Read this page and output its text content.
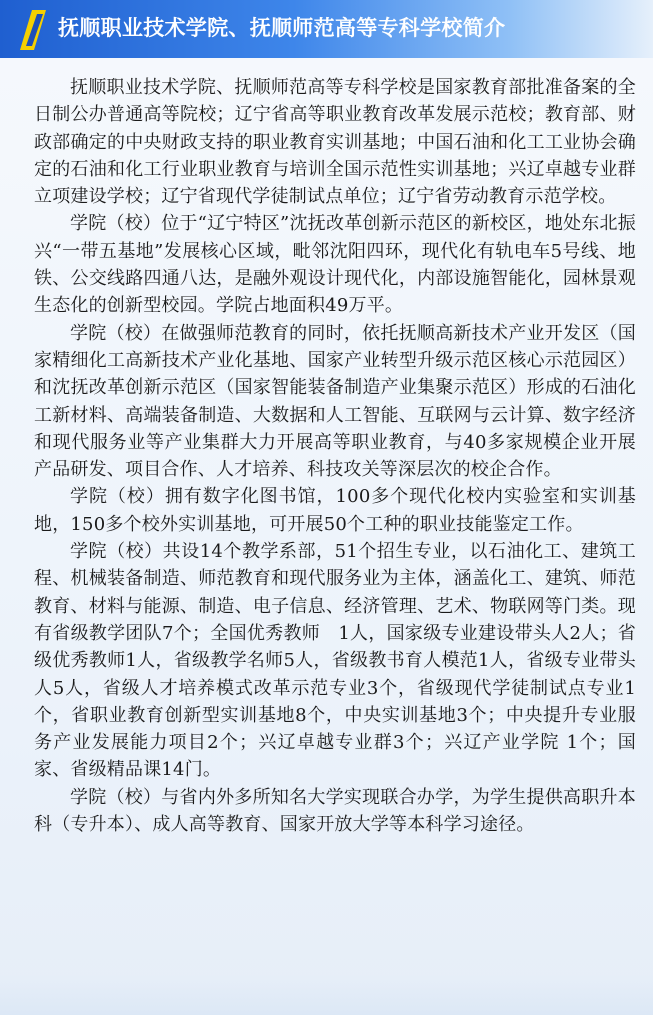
抚顺职业技术学院、抚顺师范高等专科学校简介

抚顺职业技术学院、抚顺师范高等专科学校是国家教育部批准备案的全日制公办普通高等院校；辽宁省高等职业教育改革发展示范校；教育部、财政部确定的中央财政支持的职业教育实训基地；中国石油和化工工业协会确定的石油和化工行业职业教育与培训全国示范性实训基地；兴辽卓越专业群立项建设学校；辽宁省现代学徒制试点单位；辽宁省劳动教育示范学校。

学院（校）位于“辽宁特区”沈抚改革创新示范区的新校区，地处东北振兴“一带五基地”发展核心区域，毗邻沈阳四环，现代化有轨电车5号线、地铁、公交线路四通八达，是融外观设计现代化，内部设施智能化，园林景观生态化的创新型校园。学院占地面积49万平。

学院（校）在做强师范教育的同时，依托抚顺高新技术产业开发区（国家精细化工高新技术产业化基地、国家产业转型升级示范区核心示范园区）和沈抚改革创新示范区（国家智能装备制造产业集聚示范区）形成的石油化工新材料、高端装备制造、大数据和人工智能、互联网与云计算、数字经济和现代服务业等产业集群大力开展高等职业教育，与40多家规模企业开展产品研发、项目合作、人才培养、科技攻关等深层次的校企合作。

学院（校）拥有数字化图书馆，100多个现代化校内实验室和实训基地，150多个校外实训基地，可开展50个工种的职业技能鉴定工作。

学院（校）共设14个教学系部，51个招生专业，以石油化工、建筑工程、机械装备制造、师范教育和现代服务业为主体，涵盖化工、建筑、师范教育、材料与能源、制造、电子信息、经济管理、艺术、物联网等门类。现有省级教学团队7个；全国优秀教师　1人，国家级专业建设带头人2人；省级优秀教师1人，省级教学名师5人，省级教书育人模范1人，省级专业带头人5人，省级人才培养模式改革示范专业3个，省级现代学徒制试点专业1个，省职业教育创新型实训基地8个，中央实训基地3个；中央提升专业服务产业发展能力项目2个；兴辽卓越专业群3个；兴辽产业学院 1个；国家、省级精品课14门。

学院（校）与省内外多所知名大学实现联合办学，为学生提供高职升本科（专升本）、成人高等教育、国家开放大学等本科学习途径。
